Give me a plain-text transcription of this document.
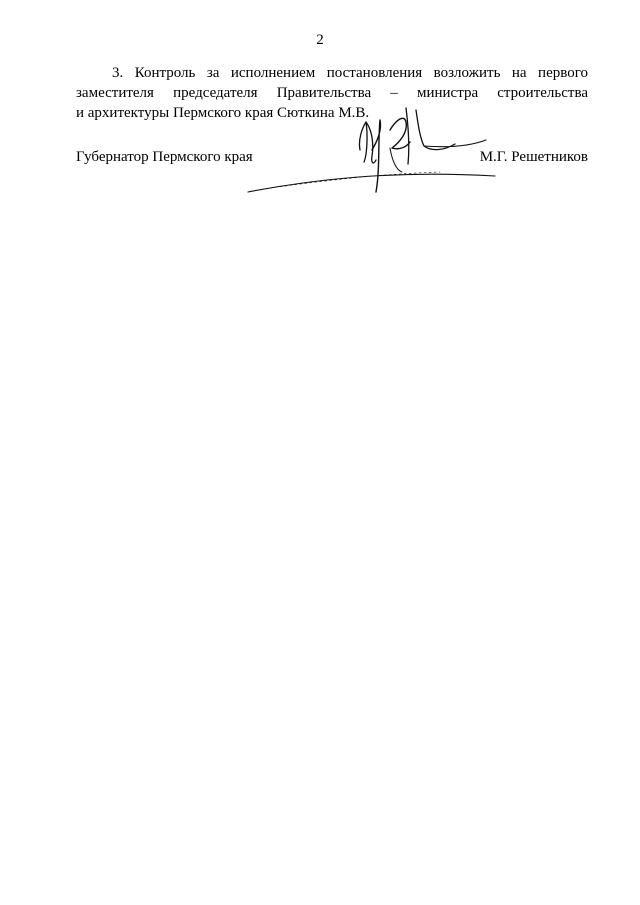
2
3. Контроль за исполнением постановления возложить на первого
заместителя председателя Правительства – министра строительства
и архитектуры Пермского края Сюткина М.В.
Губернатор Пермского края	М.Г. Решетников
